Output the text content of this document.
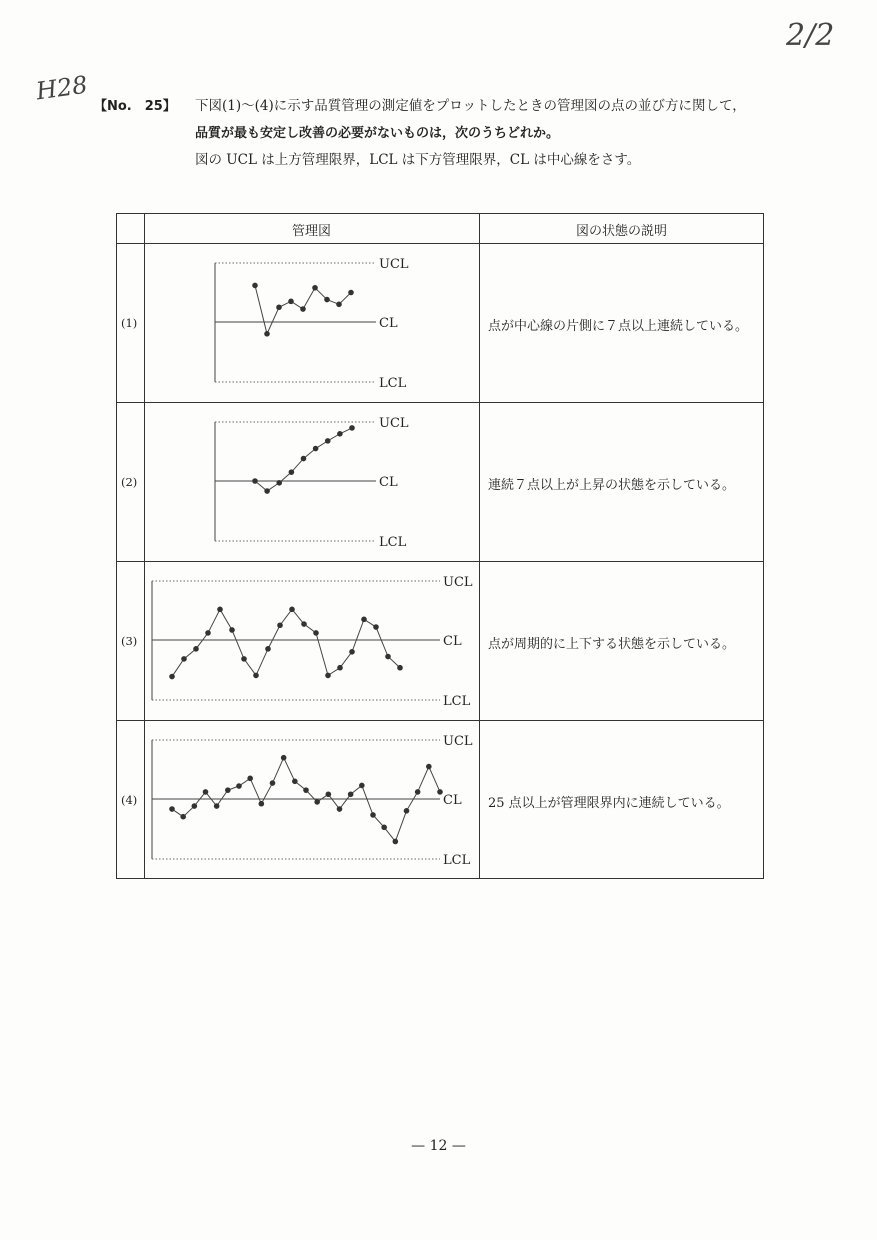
H28
2/2
【No.　25】 下図(1)〜(4)に示す品質管理の測定値をプロットしたときの管理図の点の並び方に関して，
品質が最も安定し改善の必要がないものは，次のうちどれか。
図の UCL は上方管理限界，LCL は下方管理限界，CL は中心線をさす。
管理図	図の状態の説明
(1)
(2)
(3)
(4)
点が中心線の片側に７点以上連続している。
連続７点以上が上昇の状態を示している。
点が周期的に上下する状態を示している。
25 点以上が管理限界内に連続している。
UCL
CL
LCL
UCL
CL
LCL
UCL
CL
LCL
UCL
CL
LCL
— 12 —
